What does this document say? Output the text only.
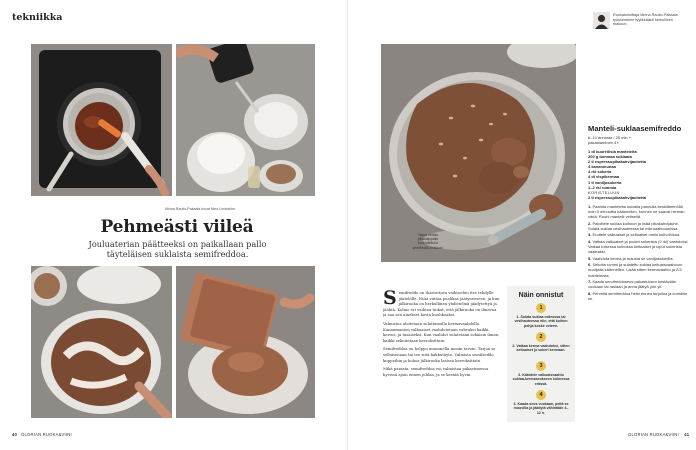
tekniikka
Minna Rautio-Pakaala kuvat Nina Lindström
Pehmeästi viileä
Jouluaterian päätteeksi on paikallaan pallo täyteläisen suklaista semifreddoa.
40 GLORIAN RUOKA&VIINI
Ruokatoimittaja Minna Rautio-Pakaala työskentelee tyylikkäästi herkullisen makuun.
Tarjoa herkku pikakaljupallo kuorrutettuna semifreddo-makuun.

Semifreddo on ihastuttava vaihtoehto itse tehdylle jäätelölle. Nimi viittaa puolikas jäätyneeseen, ja kun jälkiruoka on herkullinen yhdistelmä jäädytettyä ja jäähtä. Kolme eri vaihtoa tiukat, että jälkiruoka on ilmavaa ja saa sen ainekset kovin kuohkeaksi.

Valmistus aloitetaan sulattamalla kermavaahdolla. Kananmunien valkuaiset vaahdotetaan vahvaksi kaikki kerros, ja tasaiseksi. Kun vaahdot sulatetaan sekaisin ilman, kaikki sekoitetaan kerroksittain.

Semifreddoa on helppo muunnella monin tavoin. Tarjoa se sellaisenaan tai tee siitä kakkutäyte. Valmista semifreddo kuppeihin ja kokoa jälkiruoka lasissa kerroksittain.

Mikä parasta, semifreddoa voi valmistaa pakastimessa hyvissä ajoin ennen juhlaa, ja se kestää hyvin.

Näin onnistut
1
1. Sulata suklaa mikrossa tai vesihauteessa niin, että kulhon pohja koske veteen.
2
2. Vatkaa kerma vaahdoksi, sitten keltuaiset ja sokeri kermaan.
3
3. Kääntele valkuaisvaahto suklaa-kermaseokseen kolmessa erässä.
4
4. Kaada seos vuokaan, peitä se muovilla ja jäädytä vähintään 4–12 h.
Manteli-suklaasemifreddo
6–10 annosta / 25 min +
pakastaminen 4 t
1 dl kuorellisia manteleita
200 g tummaa suklaata
2 tl espressopikakahvijauhetta
4 kananmunaa
4 rkl sokeria
4 dl vispikermaa
1 tl vaniljasokeria
1–2 rkl rommia
KORISTELUUN
2 tl espressopikakahvijauhetta

1. Paahda manteleita kuivalla pannulla keskilämmöllä noin 5 minuuttia käännellen, kunnes ne saavat hieman väriä. Rouhi mantelit veitsellä.

2. Paloittele suklaa kulhoon ja lisää pikakahvijauhe. Sulata suklaa vesihauteessa tai mikroaaltouunissa.

3. Erottele valkuaiset ja keltuaiset omiin kulhoihinsa.

4. Vatkaa valkuaiset ja puolet sokerista (2 rkl) vaahdoksi. Vatkaa toisessa kulhossa keltuaiset ja loput sokerista vaaleaksi.

5. Vaahdota kerma ja mausta se vaniljasokerilla.

6. Sekoita rommi ja sulatettu suklaa keltuaisvaahtoon nuolijalla käännellen. Lisää sitten kermavaahto ja 2/3 manteleista.

7. Kaada semifreddoseos pakastuksen kestävään vuokaan tai rasiaan ja anna jäätyä yön yli.

8. Pehmitä semifreddoa hetki ennen tarjoilua ja koristele se.

GLORIAN RUOKA&VIINI 41
